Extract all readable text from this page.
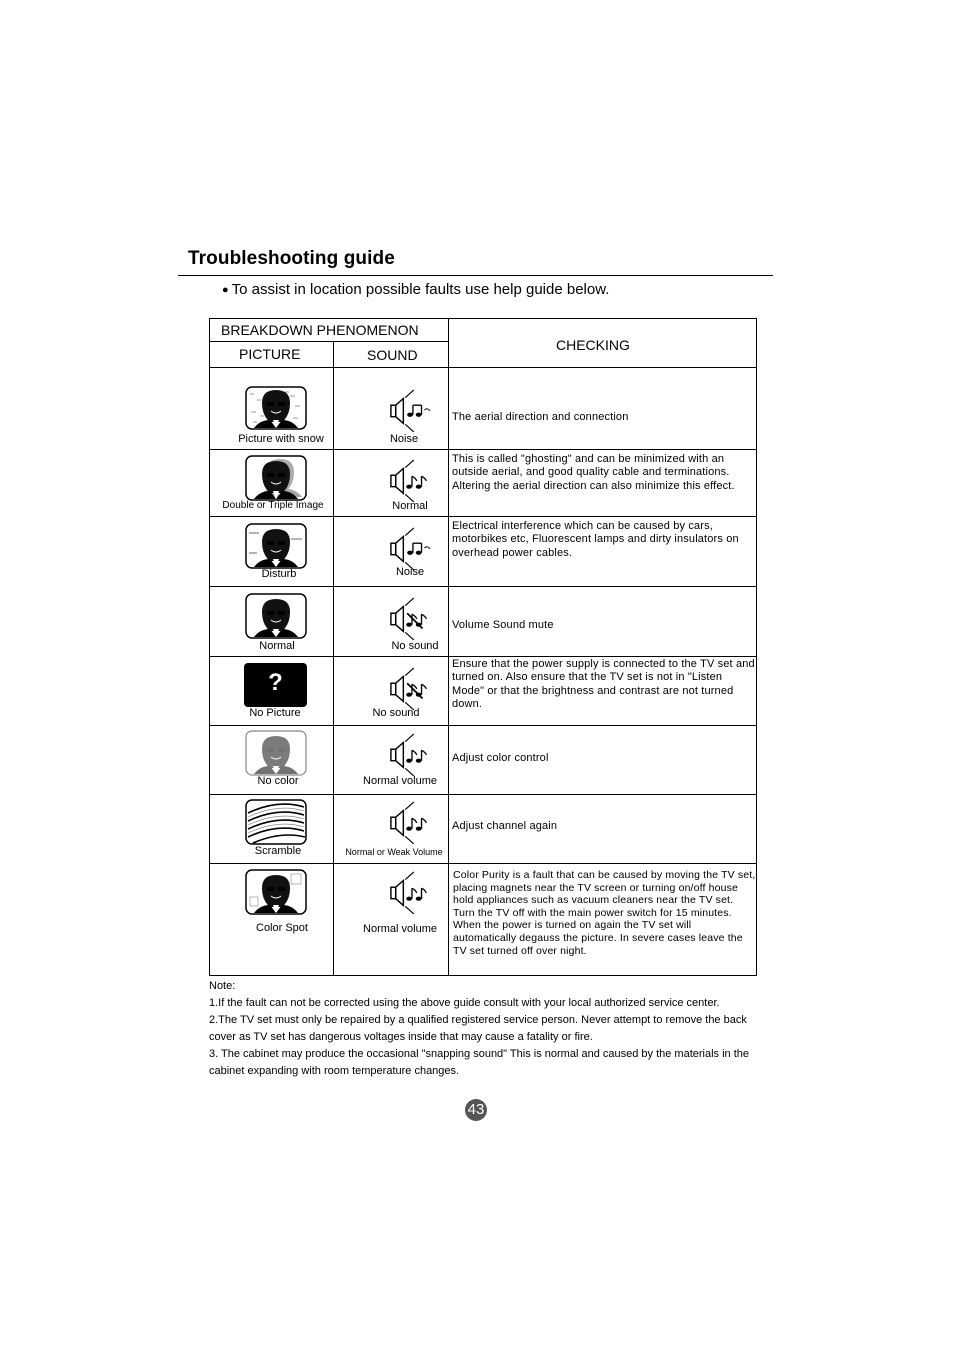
Troubleshooting guide
● To assist in location possible faults use help guide below.
BREAKDOWN PHENOMENON
PICTURE	SOUND
CHECKING
Picture with snow	Noise
The aerial direction and connection
Double or Triple Image	Normal
This is called "ghosting" and can be minimized with an outside aerial, and good quality cable and terminations. Altering the aerial direction can also minimize this effect.
Disturb	Noise
Electrical interference which can be caused by cars, motorbikes etc, Fluorescent lamps and dirty insulators on overhead power cables.
Normal	No sound
Volume Sound mute
?
No Picture	No sound
Ensure that the power supply is connected to the TV set and turned on. Also ensure that the TV set is not in "Listen Mode" or that the brightness and contrast are not turned down.
No color	Normal volume
Adjust color control
Scramble	Normal or Weak Volume
Adjust channel again
Color Spot	Normal volume
Color Purity is a fault that can be caused by moving the TV set, placing magnets near the TV screen or turning on/off house hold appliances such as vacuum cleaners near the TV set. Turn the TV off with the main power switch for 15 minutes. When the power is turned on again the TV set will automatically degauss the picture. In severe cases leave the TV set turned off over night.

Note:

1.If the fault can not be corrected using the above guide consult with your local authorized service center.

2.The TV set must only be repaired by a qualified registered service person. Never attempt to remove the back cover as TV set has dangerous voltages inside that may cause a fatality or fire.

3. The cabinet may produce the occasional "snapping sound" This is normal and caused by the materials in the cabinet expanding with room temperature changes.

43
